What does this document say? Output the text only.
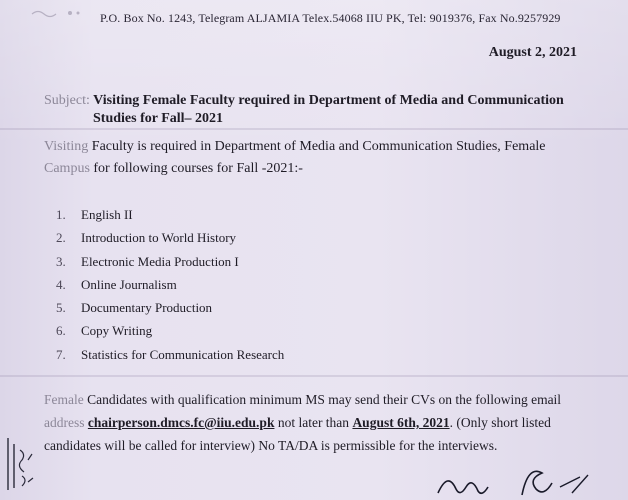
P.O. Box No. 1243, Telegram ALJAMIA Telex.54068 IIU PK, Tel: 9019376, Fax No.9257929
August 2, 2021
Subject: Visiting Female Faculty required in Department of Media and Communication
Studies for Fall– 2021
Visiting Faculty is required in Department of Media and Communication Studies, Female
Campus for following courses for Fall -2021:-
1. English II
2. Introduction to World History
3. Electronic Media Production I
4. Online Journalism
5. Documentary Production
6. Copy Writing
7. Statistics for Communication Research
Female Candidates with qualification minimum MS may send their CVs on the following email
address chairperson.dmcs.fc@iiu.edu.pk not later than August 6th, 2021. (Only short listed
candidates will be called for interview) No TA/DA is permissible for the interviews.
